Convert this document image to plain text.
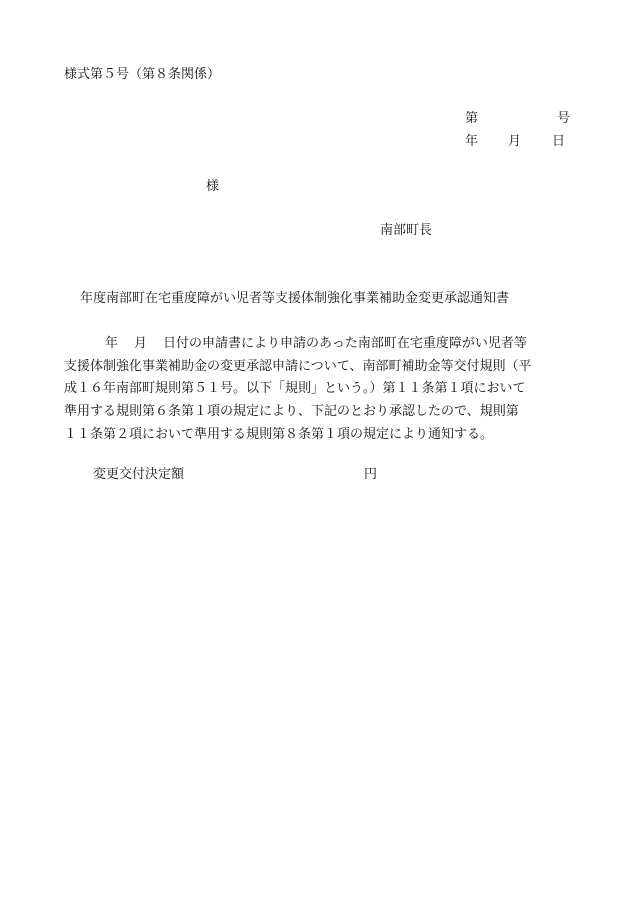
様式第５号（第８条関係）
第	号
年 月 日
様
南部町長
年度南部町在宅重度障がい児者等支援体制強化事業補助金変更承認通知書
年 月 日付の申請書により申請のあった南部町在宅重度障がい児者等
支援体制強化事業補助金の変更承認申請について、南部町補助金等交付規則（平
成１６年南部町規則第５１号。以下「規則」という。）第１１条第１項において
準用する規則第６条第１項の規定により、下記のとおり承認したので、規則第
１１条第２項において準用する規則第８条第１項の規定により通知する。
変更交付決定額	円
